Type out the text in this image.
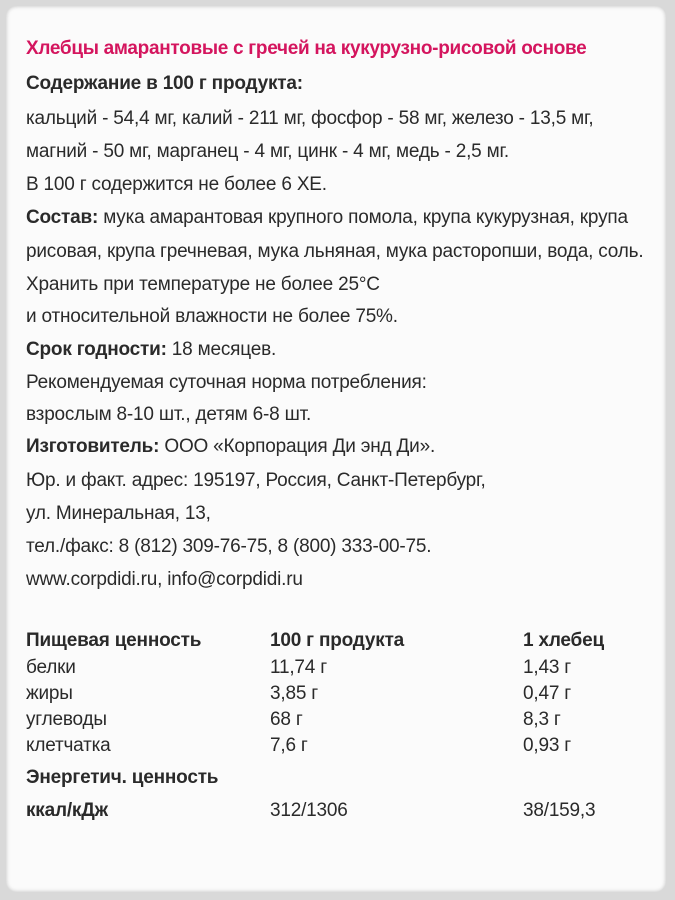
Хлебцы амарантовые с гречей на кукурузно-рисовой основе
Содержание в 100 г продукта:
кальций - 54,4 мг, калий - 211 мг, фосфор - 58 мг, железо - 13,5 мг,
магний - 50 мг, марганец - 4 мг, цинк - 4 мг, медь - 2,5 мг.
В 100 г содержится не более 6 ХЕ.
Состав: мука амарантовая крупного помола, крупа кукурузная, крупа
рисовая, крупа гречневая, мука льняная, мука расторопши, вода, соль.
Хранить при температуре не более 25°С
и относительной влажности не более 75%.
Срок годности: 18 месяцев.
Рекомендуемая суточная норма потребления:
взрослым 8-10 шт., детям 6-8 шт.
Изготовитель: ООО «Корпорация Ди энд Ди».
Юр. и факт. адрес: 195197, Россия, Санкт-Петербург,
ул. Минеральная, 13,
тел./факс: 8 (812) 309-76-75, 8 (800) 333-00-75.
www.corpdidi.ru, info@corpdidi.ru
Пищевая ценность	100 г продукта	1 хлебец
белки	11,74 г	1,43 г
жиры	3,85 г	0,47 г
углеводы	68 г	8,3 г
клетчатка	7,6 г	0,93 г
Энергетич. ценность
ккал/кДж	312/1306	38/159,3
